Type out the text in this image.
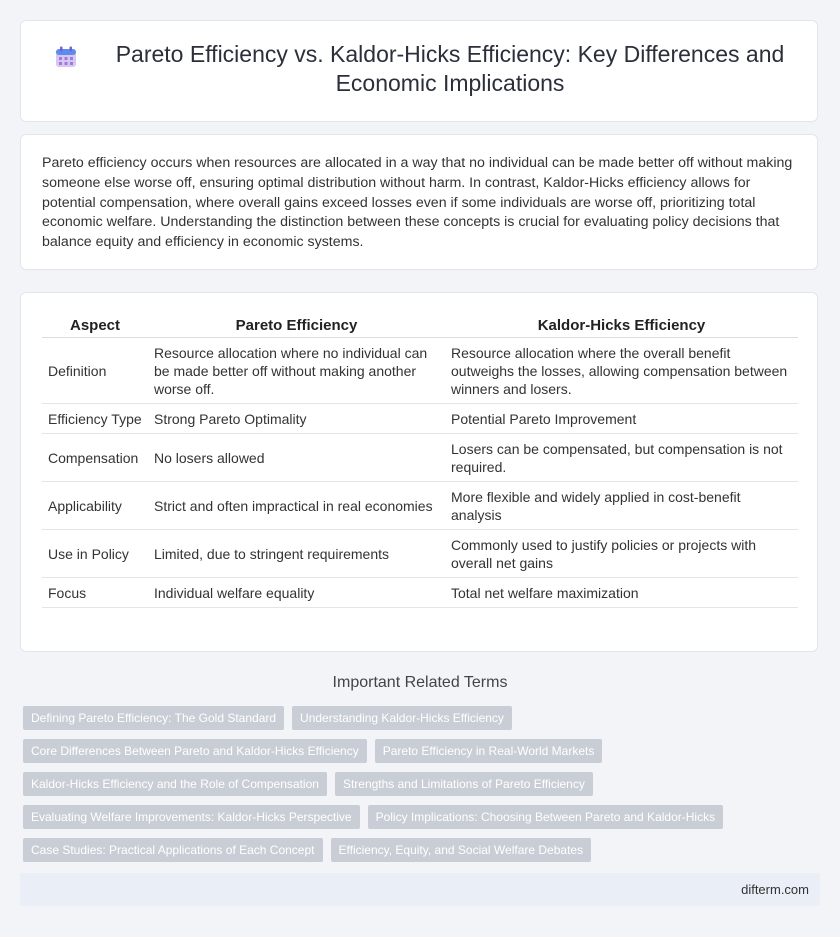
Pareto Efficiency vs. Kaldor-Hicks Efficiency: Key Differences and Economic Implications
Pareto efficiency occurs when resources are allocated in a way that no individual can be made better off without making someone else worse off, ensuring optimal distribution without harm. In contrast, Kaldor-Hicks efficiency allows for potential compensation, where overall gains exceed losses even if some individuals are worse off, prioritizing total economic welfare. Understanding the distinction between these concepts is crucial for evaluating policy decisions that balance equity and efficiency in economic systems.
Aspect	Pareto Efficiency	Kaldor-Hicks Efficiency
Definition	Resource allocation where no individual can be made better off without making another worse off.	Resource allocation where the overall benefit outweighs the losses, allowing compensation between winners and losers.
Efficiency Type	Strong Pareto Optimality	Potential Pareto Improvement
Compensation	No losers allowed	Losers can be compensated, but compensation is not required.
Applicability	Strict and often impractical in real economies	More flexible and widely applied in cost-benefit analysis
Use in Policy	Limited, due to stringent requirements	Commonly used to justify policies or projects with overall net gains
Focus	Individual welfare equality	Total net welfare maximization
Important Related Terms
Defining Pareto Efficiency: The Gold Standard	Understanding Kaldor-Hicks Efficiency
Core Differences Between Pareto and Kaldor-Hicks Efficiency	Pareto Efficiency in Real-World Markets
Kaldor-Hicks Efficiency and the Role of Compensation	Strengths and Limitations of Pareto Efficiency
Evaluating Welfare Improvements: Kaldor-Hicks Perspective	Policy Implications: Choosing Between Pareto and Kaldor-Hicks
Case Studies: Practical Applications of Each Concept	Efficiency, Equity, and Social Welfare Debates
difterm.com
